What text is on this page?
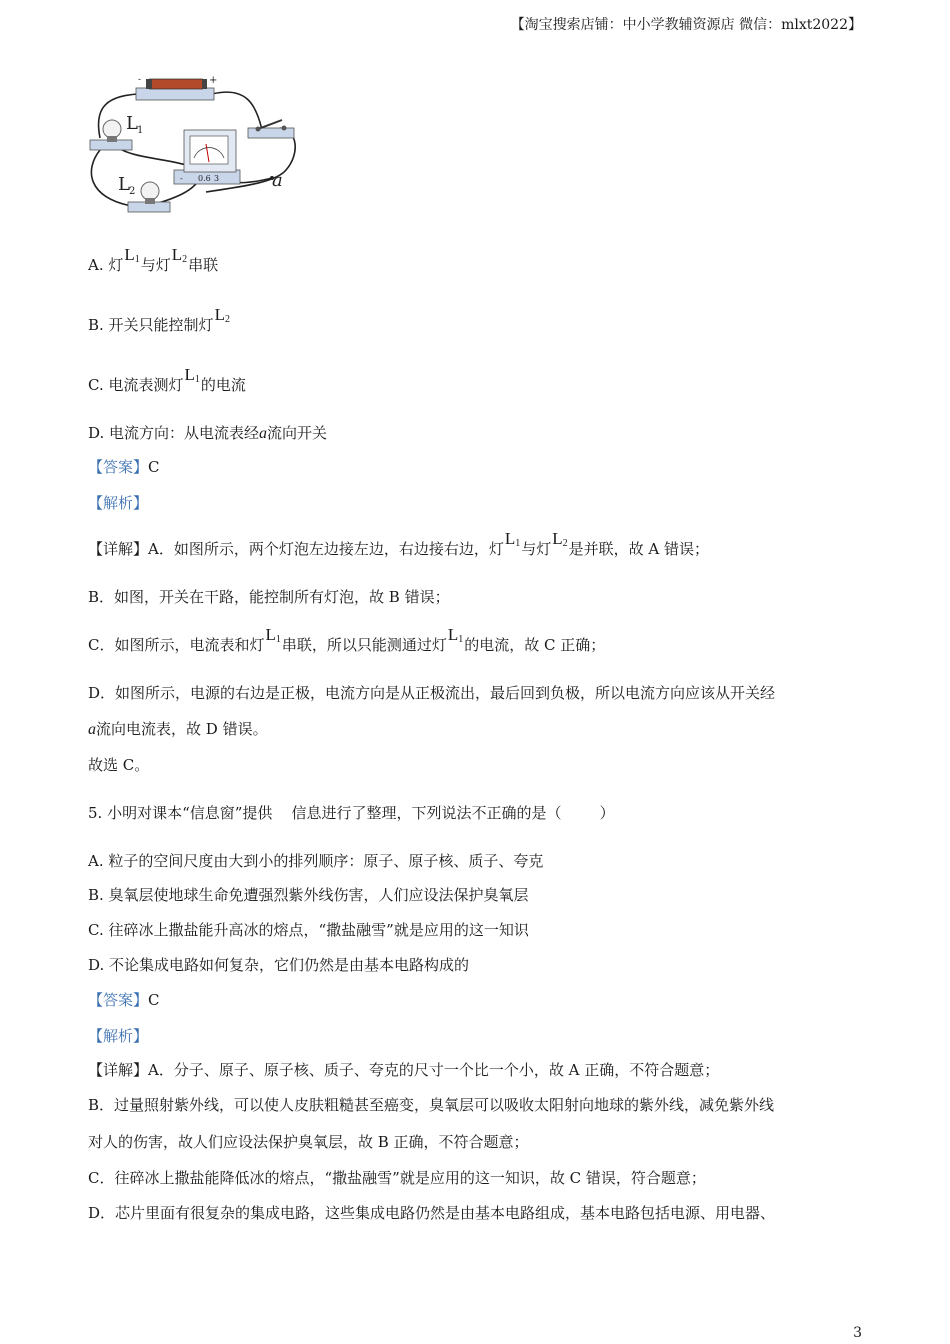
【淘宝搜索店铺：中小学教辅资源店 微信：mlxt2022】
-	+
L 1
L 2
- 0.6 3	a
A. 灯$L_1$与灯$L_2$串联
B. 开关只能控制灯$L_2$
C. 电流表测灯$L_1$的电流
D. 电流方向：从电流表经a流向开关
【答案】C
【解析】
【详解】A．如图所示，两个灯泡左边接左边，右边接右边，灯$L_1$与灯$L_2$是并联，故 A 错误；
B．如图，开关在干路，能控制所有灯泡，故 B 错误；
C．如图所示，电流表和灯$L_1$串联，所以只能测通过灯$L_1$的电流，故 C 正确；
D．如图所示，电源的右边是正极，电流方向是从正极流出，最后回到负极，所以电流方向应该从开关经
a流向电流表，故 D 错误。
故选 C。
5. 小明对课本“信息窗”提供    信息进行了整理，下列说法不正确的是（        ）
A. 粒子的空间尺度由大到小的排列顺序：原子、原子核、质子、夸克
B. 臭氧层使地球生命免遭强烈紫外线伤害，人们应设法保护臭氧层
C. 往碎冰上撒盐能升高冰的熔点，“撒盐融雪”就是应用的这一知识
D. 不论集成电路如何复杂，它们仍然是由基本电路构成的
【答案】C
【解析】
【详解】A．分子、原子、原子核、质子、夸克的尺寸一个比一个小，故 A 正确，不符合题意；
B．过量照射紫外线，可以使人皮肤粗糙甚至癌变，臭氧层可以吸收太阳射向地球的紫外线，减免紫外线
对人的伤害，故人们应设法保护臭氧层，故 B 正确，不符合题意；
C．往碎冰上撒盐能降低冰的熔点，“撒盐融雪”就是应用的这一知识，故 C 错误，符合题意；
D．芯片里面有很复杂的集成电路，这些集成电路仍然是由基本电路组成，基本电路包括电源、用电器、
3
